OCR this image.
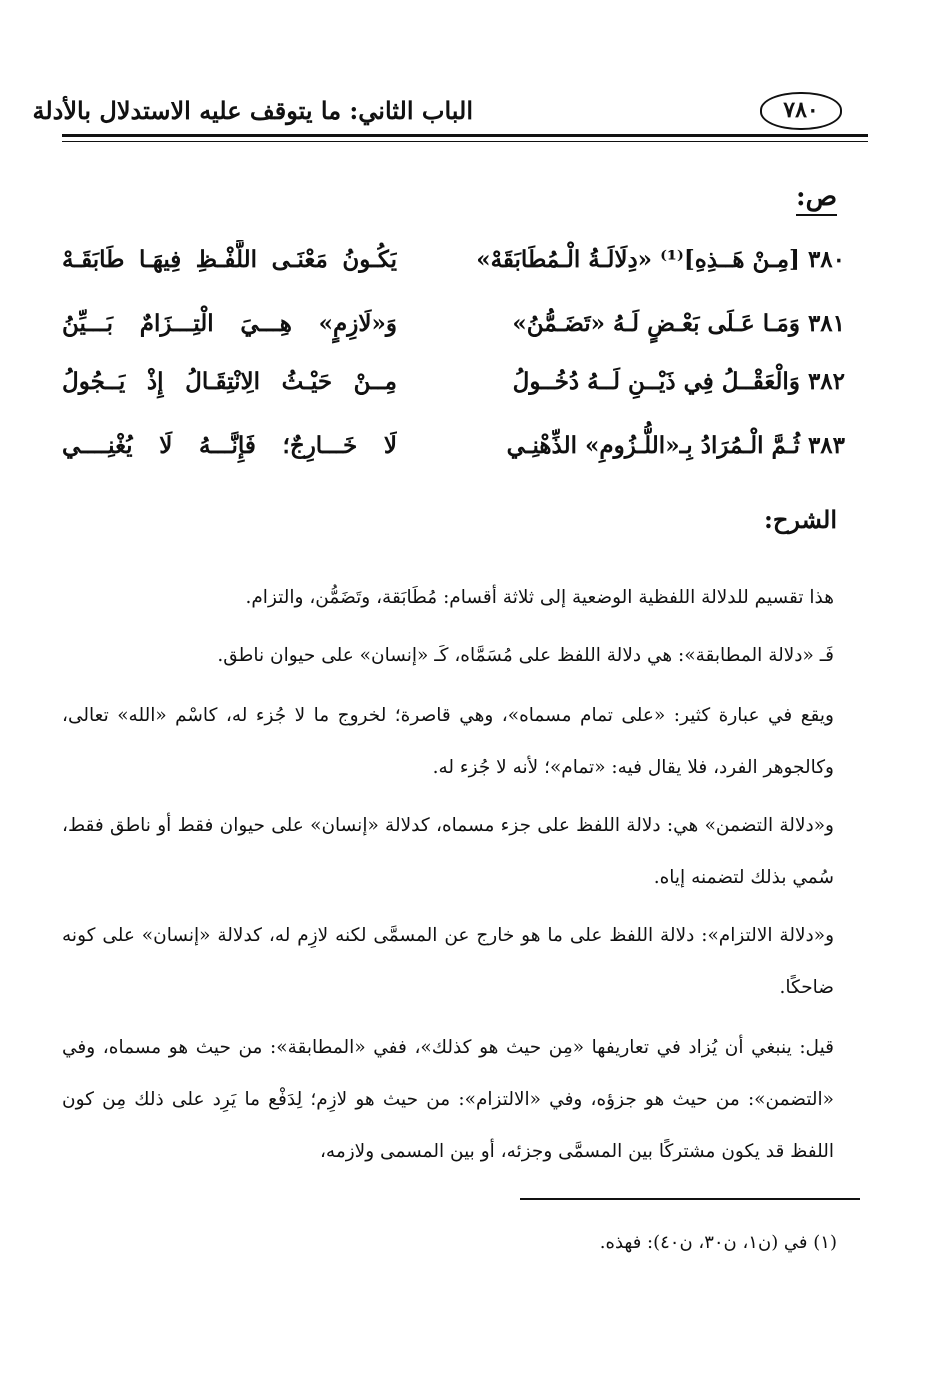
الباب الثاني: ما يتوقف عليه الاستدلال بالأدلة	٧٨٠
ص:
٣٨٠ [مِـنْ هَــذِهِ]⁽¹⁾ «دِلَالَـةُ الْـمُطَابَقَهْ»
يَكُـونُ مَعْنَـى اللَّفْـظِ فِيهَـا طَابَقَـهْ
٣٨١ وَمَـا عَـلَى بَعْـضٍ لَـهُ «تَضَـمُّنُ»
وَ«لَازِمٍ» هِـــيَ الْتِـــزَامٌ بَـــيِّنُ
٣٨٢ وَالْعَقْــلُ فِي ذَيْــنِ لَــهُ دُخُــولُ
مِــنْ حَيْـثُ الِانْتِقَـالُ إِذْ يَــجُولُ
٣٨٣ ثُـمَّ الْـمُرَادُ بِـ«اللُّـزُومِ» الذِّهْنِـي
لَا خَـــارِجٌ؛ فَإِنَّـــهُ لَا يُغْنِــــي
الشرح:

هذا تقسيم للدلالة اللفظية الوضعية إلى ثلاثة أقسام: مُطَابَقة، وتَضَمُّن، والتزام.

فَـ «دلالة المطابقة»: هي دلالة اللفظ على مُسَمَّاه، كَـ «إنسان» على حيوان ناطق.

ويقع في عبارة كثير: «على تمام مسماه»، وهي قاصرة؛ لخروج ما لا جُزء له، كاسْم «الله» تعالى، وكالجوهر الفرد، فلا يقال فيه: «تمام»؛ لأنه لا جُزء له.

و«دلالة التضمن» هي: دلالة اللفظ على جزء مسماه، كدلالة «إنسان» على حيوان فقط أو ناطق فقط، سُمي بذلك لتضمنه إياه.

و«دلالة الالتزام»: دلالة اللفظ على ما هو خارج عن المسمَّى لكنه لازِم له، كدلالة «إنسان» على كونه ضاحكًا.

قيل: ينبغي أن يُزاد في تعاريفها «مِن حيث هو كذلك»، ففي «المطابقة»: من حيث هو مسماه، وفي «التضمن»: من حيث هو جزؤه، وفي «الالتزام»: من حيث هو لازِم؛ لِدَفْع ما يَرِد على ذلك مِن كون اللفظ قد يكون مشتركًا بين المسمَّى وجزئه، أو بين المسمى ولازمه،

(١) في (ن١، ن٣٠، ن٤٠): فهذه.
